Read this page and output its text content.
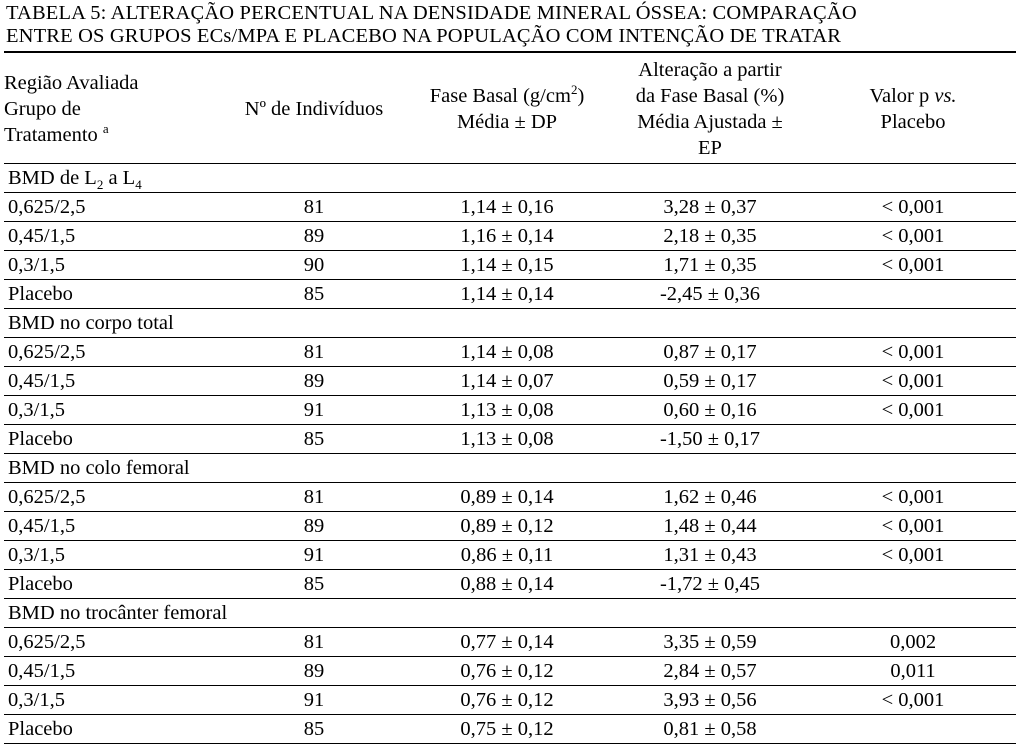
TABELA 5: ALTERAÇÃO PERCENTUAL NA DENSIDADE MINERAL ÓSSEA: COMPARAÇÃO
ENTRE OS GRUPOS ECs/MPA E PLACEBO NA POPULAÇÃO COM INTENÇÃO DE TRATAR

Região Avaliada
Grupo de
Tratamento $^a$	Nº de Indivíduos	Fase Basal $(g/cm^2)$
Média ± DP	Alteração a partir
da Fase Basal (%)
Média Ajustada ±
EP	Valor p vs.
Placebo

BMD de $L_2$ a $L_4$
0,625/2,5	81	1,14 ± 0,16	3,28 ± 0,37	< 0,001
0,45/1,5	89	1,16 ± 0,14	2,18 ± 0,35	< 0,001
0,3/1,5	90	1,14 ± 0,15	1,71 ± 0,35	< 0,001
Placebo	85	1,14 ± 0,14	-2,45 ± 0,36	
BMD no corpo total				
0,625/2,5	81	1,14 ± 0,08	0,87 ± 0,17	< 0,001
0,45/1,5	89	1,14 ± 0,07	0,59 ± 0,17	< 0,001
0,3/1,5	91	1,13 ± 0,08	0,60 ± 0,16	< 0,001
Placebo	85	1,13 ± 0,08	-1,50 ± 0,17	
BMD no colo femoral				
0,625/2,5	81	0,89 ± 0,14	1,62 ± 0,46	< 0,001
0,45/1,5	89	0,89 ± 0,12	1,48 ± 0,44	< 0,001
0,3/1,5	91	0,86 ± 0,11	1,31 ± 0,43	< 0,001
Placebo	85	0,88 ± 0,14	-1,72 ± 0,45	
BMD no trocânter femoral				
0,625/2,5	81	0,77 ± 0,14	3,35 ± 0,59	0,002
0,45/1,5	89	0,76 ± 0,12	2,84 ± 0,57	0,011
0,3/1,5	91	0,76 ± 0,12	3,93 ± 0,56	< 0,001
Placebo	85	0,75 ± 0,12	0,81 ± 0,58	
